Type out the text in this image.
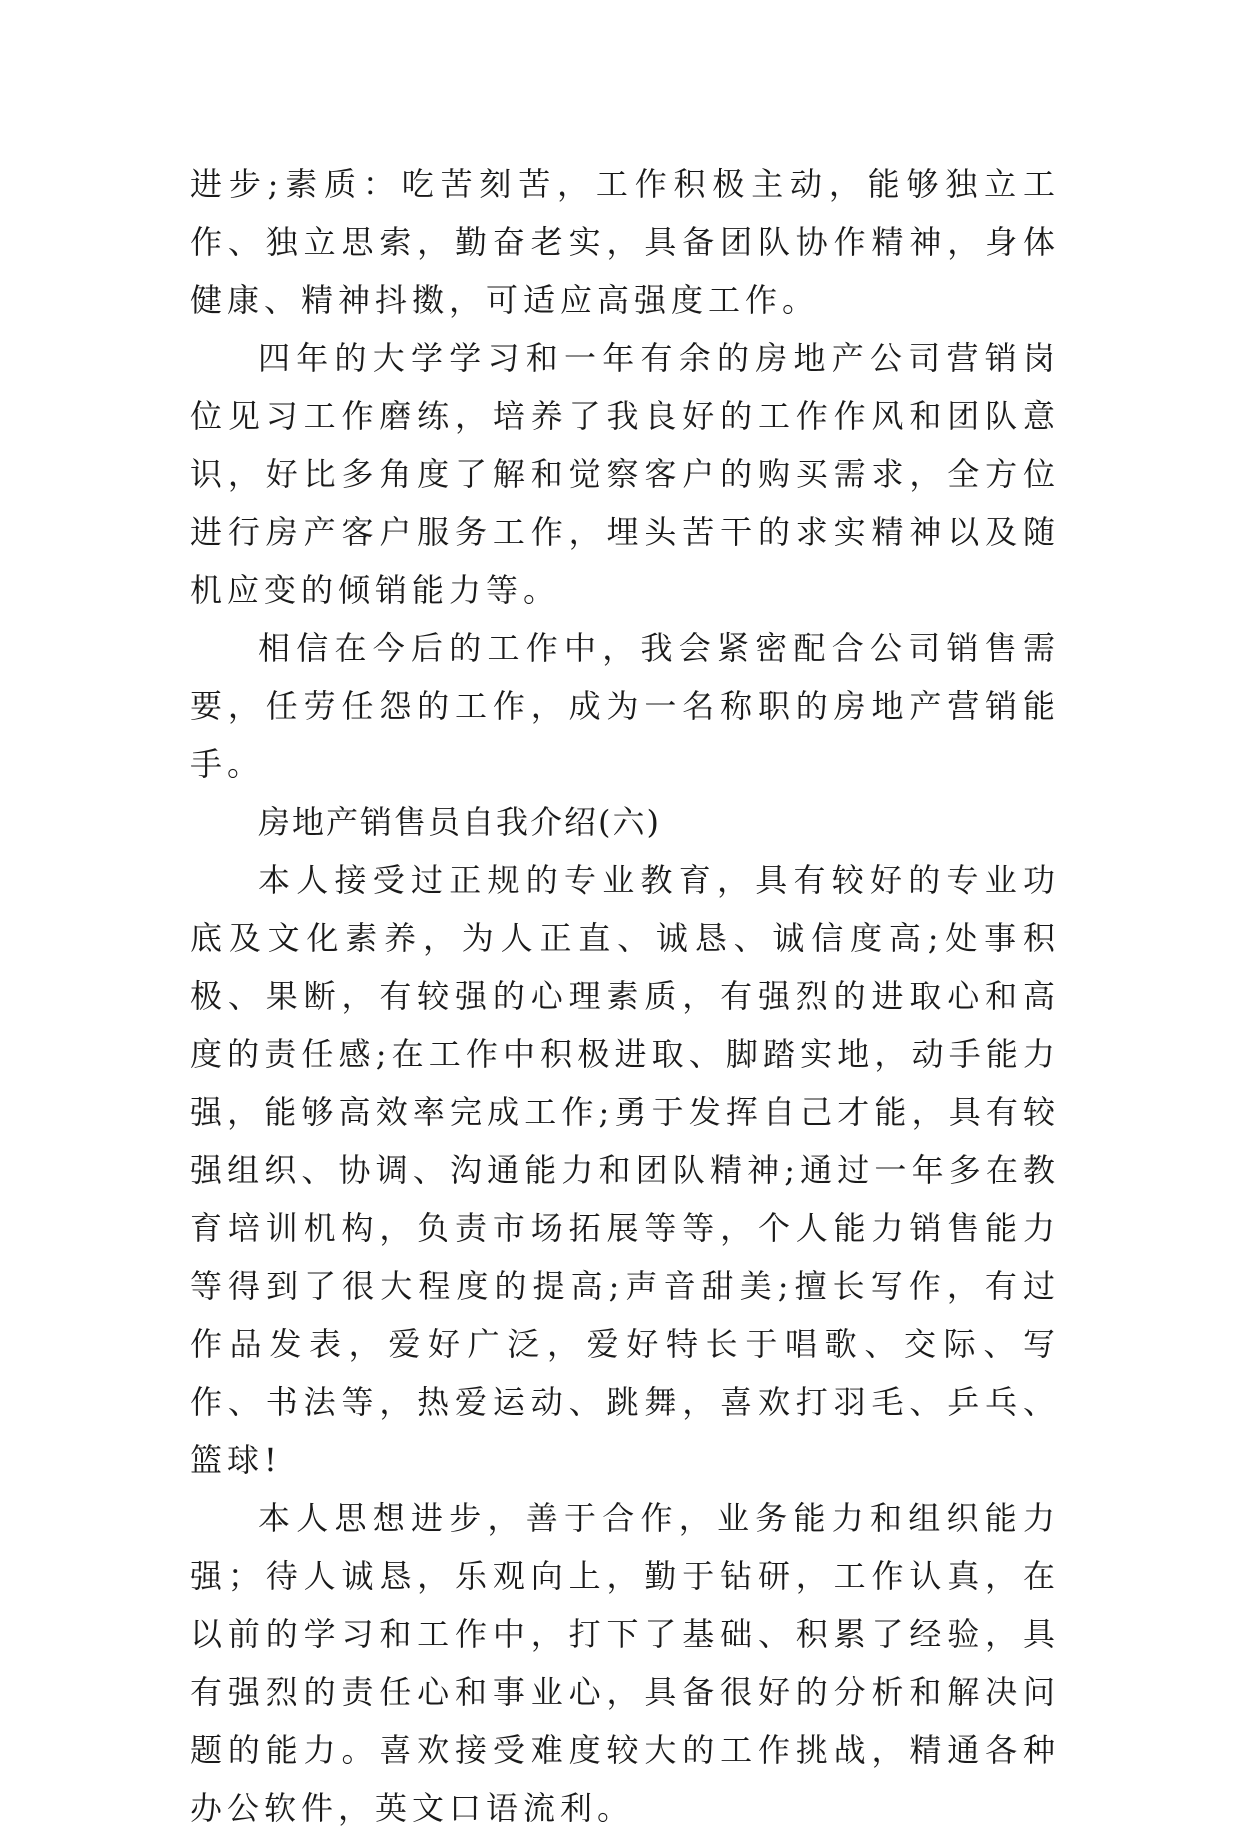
进步;素质：吃苦刻苦，工作积极主动，能够独立工作、独立思索，勤奋老实，具备团队协作精神，身体健康、精神抖擞，可适应高强度工作。

四年的大学学习和一年有余的房地产公司营销岗位见习工作磨练，培养了我良好的工作作风和团队意识，好比多角度了解和觉察客户的购买需求，全方位进行房产客户服务工作，埋头苦干的求实精神以及随机应变的倾销能力等。

相信在今后的工作中，我会紧密配合公司销售需要，任劳任怨的工作，成为一名称职的房地产营销能手。

房地产销售员自我介绍(六)

本人接受过正规的专业教育，具有较好的专业功底及文化素养，为人正直、诚恳、诚信度高;处事积极、果断，有较强的心理素质，有强烈的进取心和高度的责任感;在工作中积极进取、脚踏实地，动手能力强，能够高效率完成工作;勇于发挥自己才能，具有较强组织、协调、沟通能力和团队精神;通过一年多在教育培训机构，负责市场拓展等等，个人能力销售能力等得到了很大程度的提高;声音甜美;擅长写作，有过作品发表，爱好广泛，爱好特长于唱歌、交际、写作、书法等，热爱运动、跳舞，喜欢打羽毛、乒乓、篮球!

本人思想进步，善于合作，业务能力和组织能力强；待人诚恳，乐观向上，勤于钻研，工作认真，在以前的学习和工作中，打下了基础、积累了经验，具有强烈的责任心和事业心，具备很好的分析和解决问题的能力。喜欢接受难度较大的工作挑战，精通各种办公软件，英文口语流利。
